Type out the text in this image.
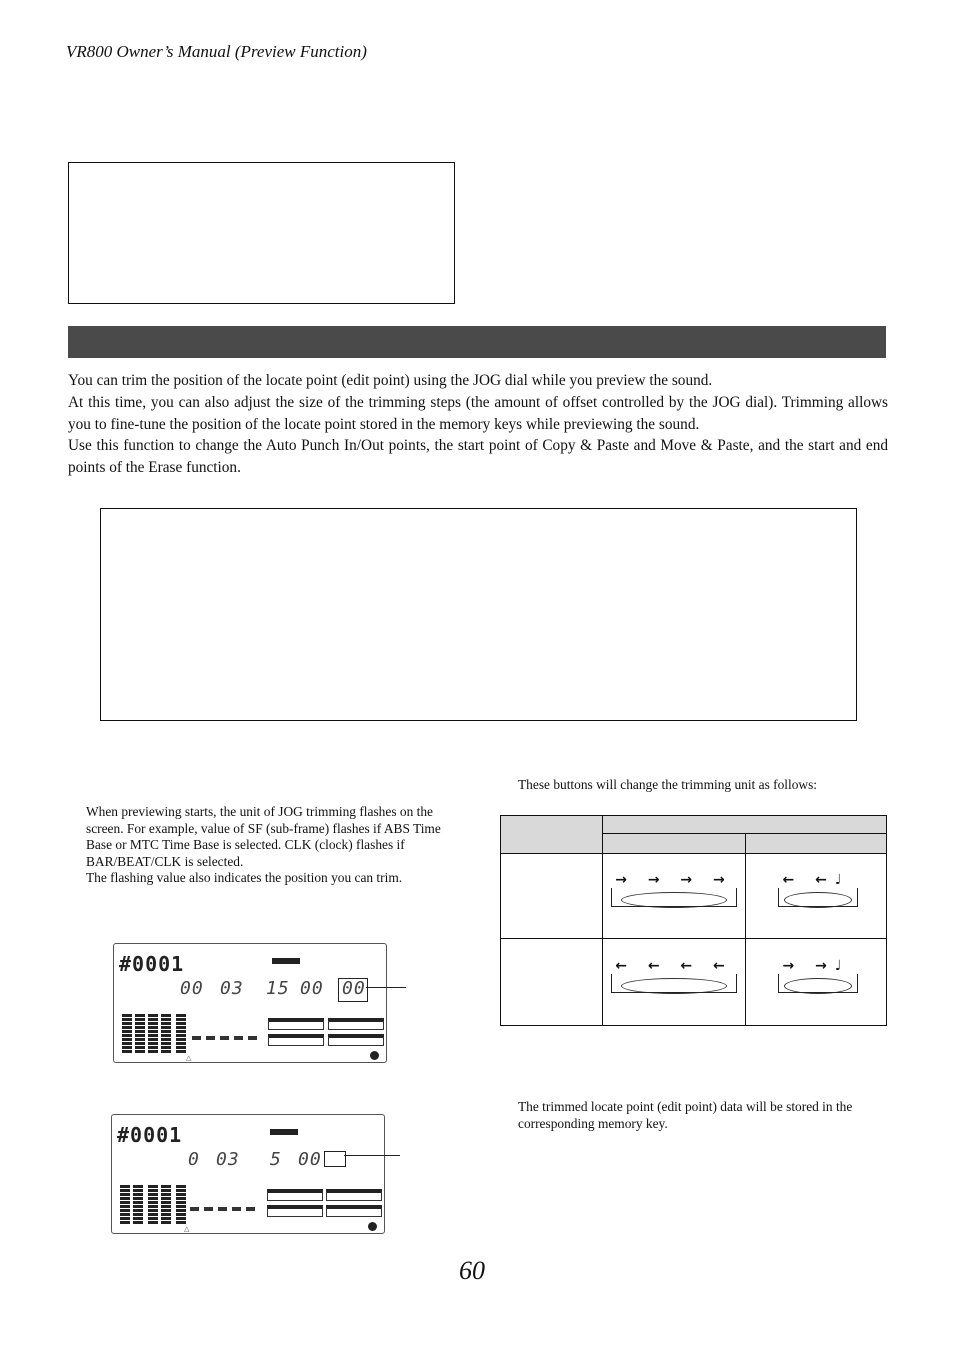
VR800 Owner’s Manual (Preview Function)

You can trim the position of the locate point (edit point) using the JOG dial while you preview the sound.

At this time, you can also adjust the size of the trimming steps (the amount of offset controlled by the JOG dial). Trimming allows you to fine-tune the position of the locate point stored in the memory keys while previewing the sound.

Use this function to change the Auto Punch In/Out points, the start point of Copy & Paste and Move & Paste, and the start and end points of the Erase function.

These buttons will change the trimming unit as follows:

When previewing starts, the unit of JOG trimming flashes on the screen. For example, value of SF (sub-frame) flashes if ABS Time Base or MTC Time Base is selected. CLK (clock) flashes if BAR/BEAT/CLK is selected.

The flashing value also indicates the position you can trim.

	→ → → →	← ←♩

	← ← ← ←	→ →♩
#0001
00 03 15 00 00
△
#0001
0 03 5 00
△
The trimmed locate point (edit point) data will be stored in the corresponding memory key.
60
